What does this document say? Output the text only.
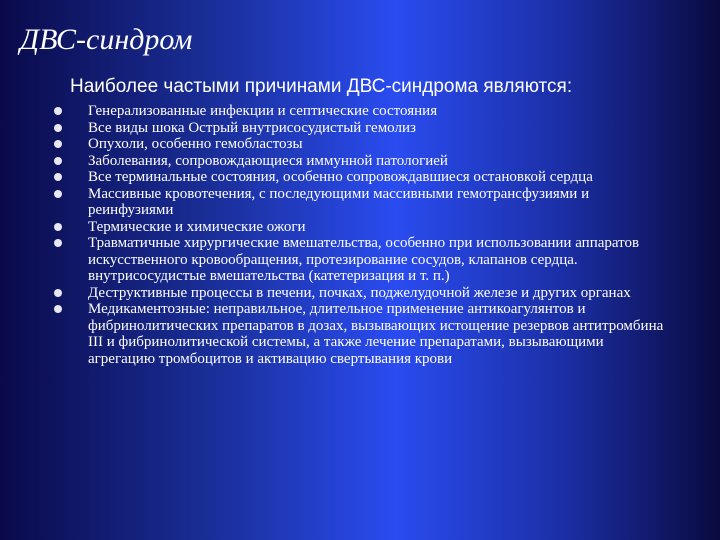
ДВС-синдром

Наиболее частыми причинами ДВС-синдрома являются:

Генерализованные инфекции и септические состояния
Все виды шока Острый внутрисосудистый гемолиз
Опухоли, особенно гемобластозы
Заболевания, сопровождающиеся иммунной патологией
Все терминальные состояния, особенно сопровождавшиеся остановкой сердца
Массивные кровотечения, с последующими массивными гемотрансфузиями и реинфузиями
Термические и химические ожоги
Травматичные хирургические вмешательства, особенно при использовании аппаратов искусственного кровообращения, протезирование сосудов, клапанов сердца. внутрисосудистые вмешательства (катетеризация и т. п.)
Деструктивные процессы в печени, почках, поджелудочной железе и других органах
Медикаментозные: неправильное, длительное применение антикоагулянтов и фибринолитических препаратов в дозах, вызывающих истощение резервов антитромбина III и фибринолитической системы, а также лечение препаратами, вызывающими агрегацию тромбоцитов и активацию свертывания крови
